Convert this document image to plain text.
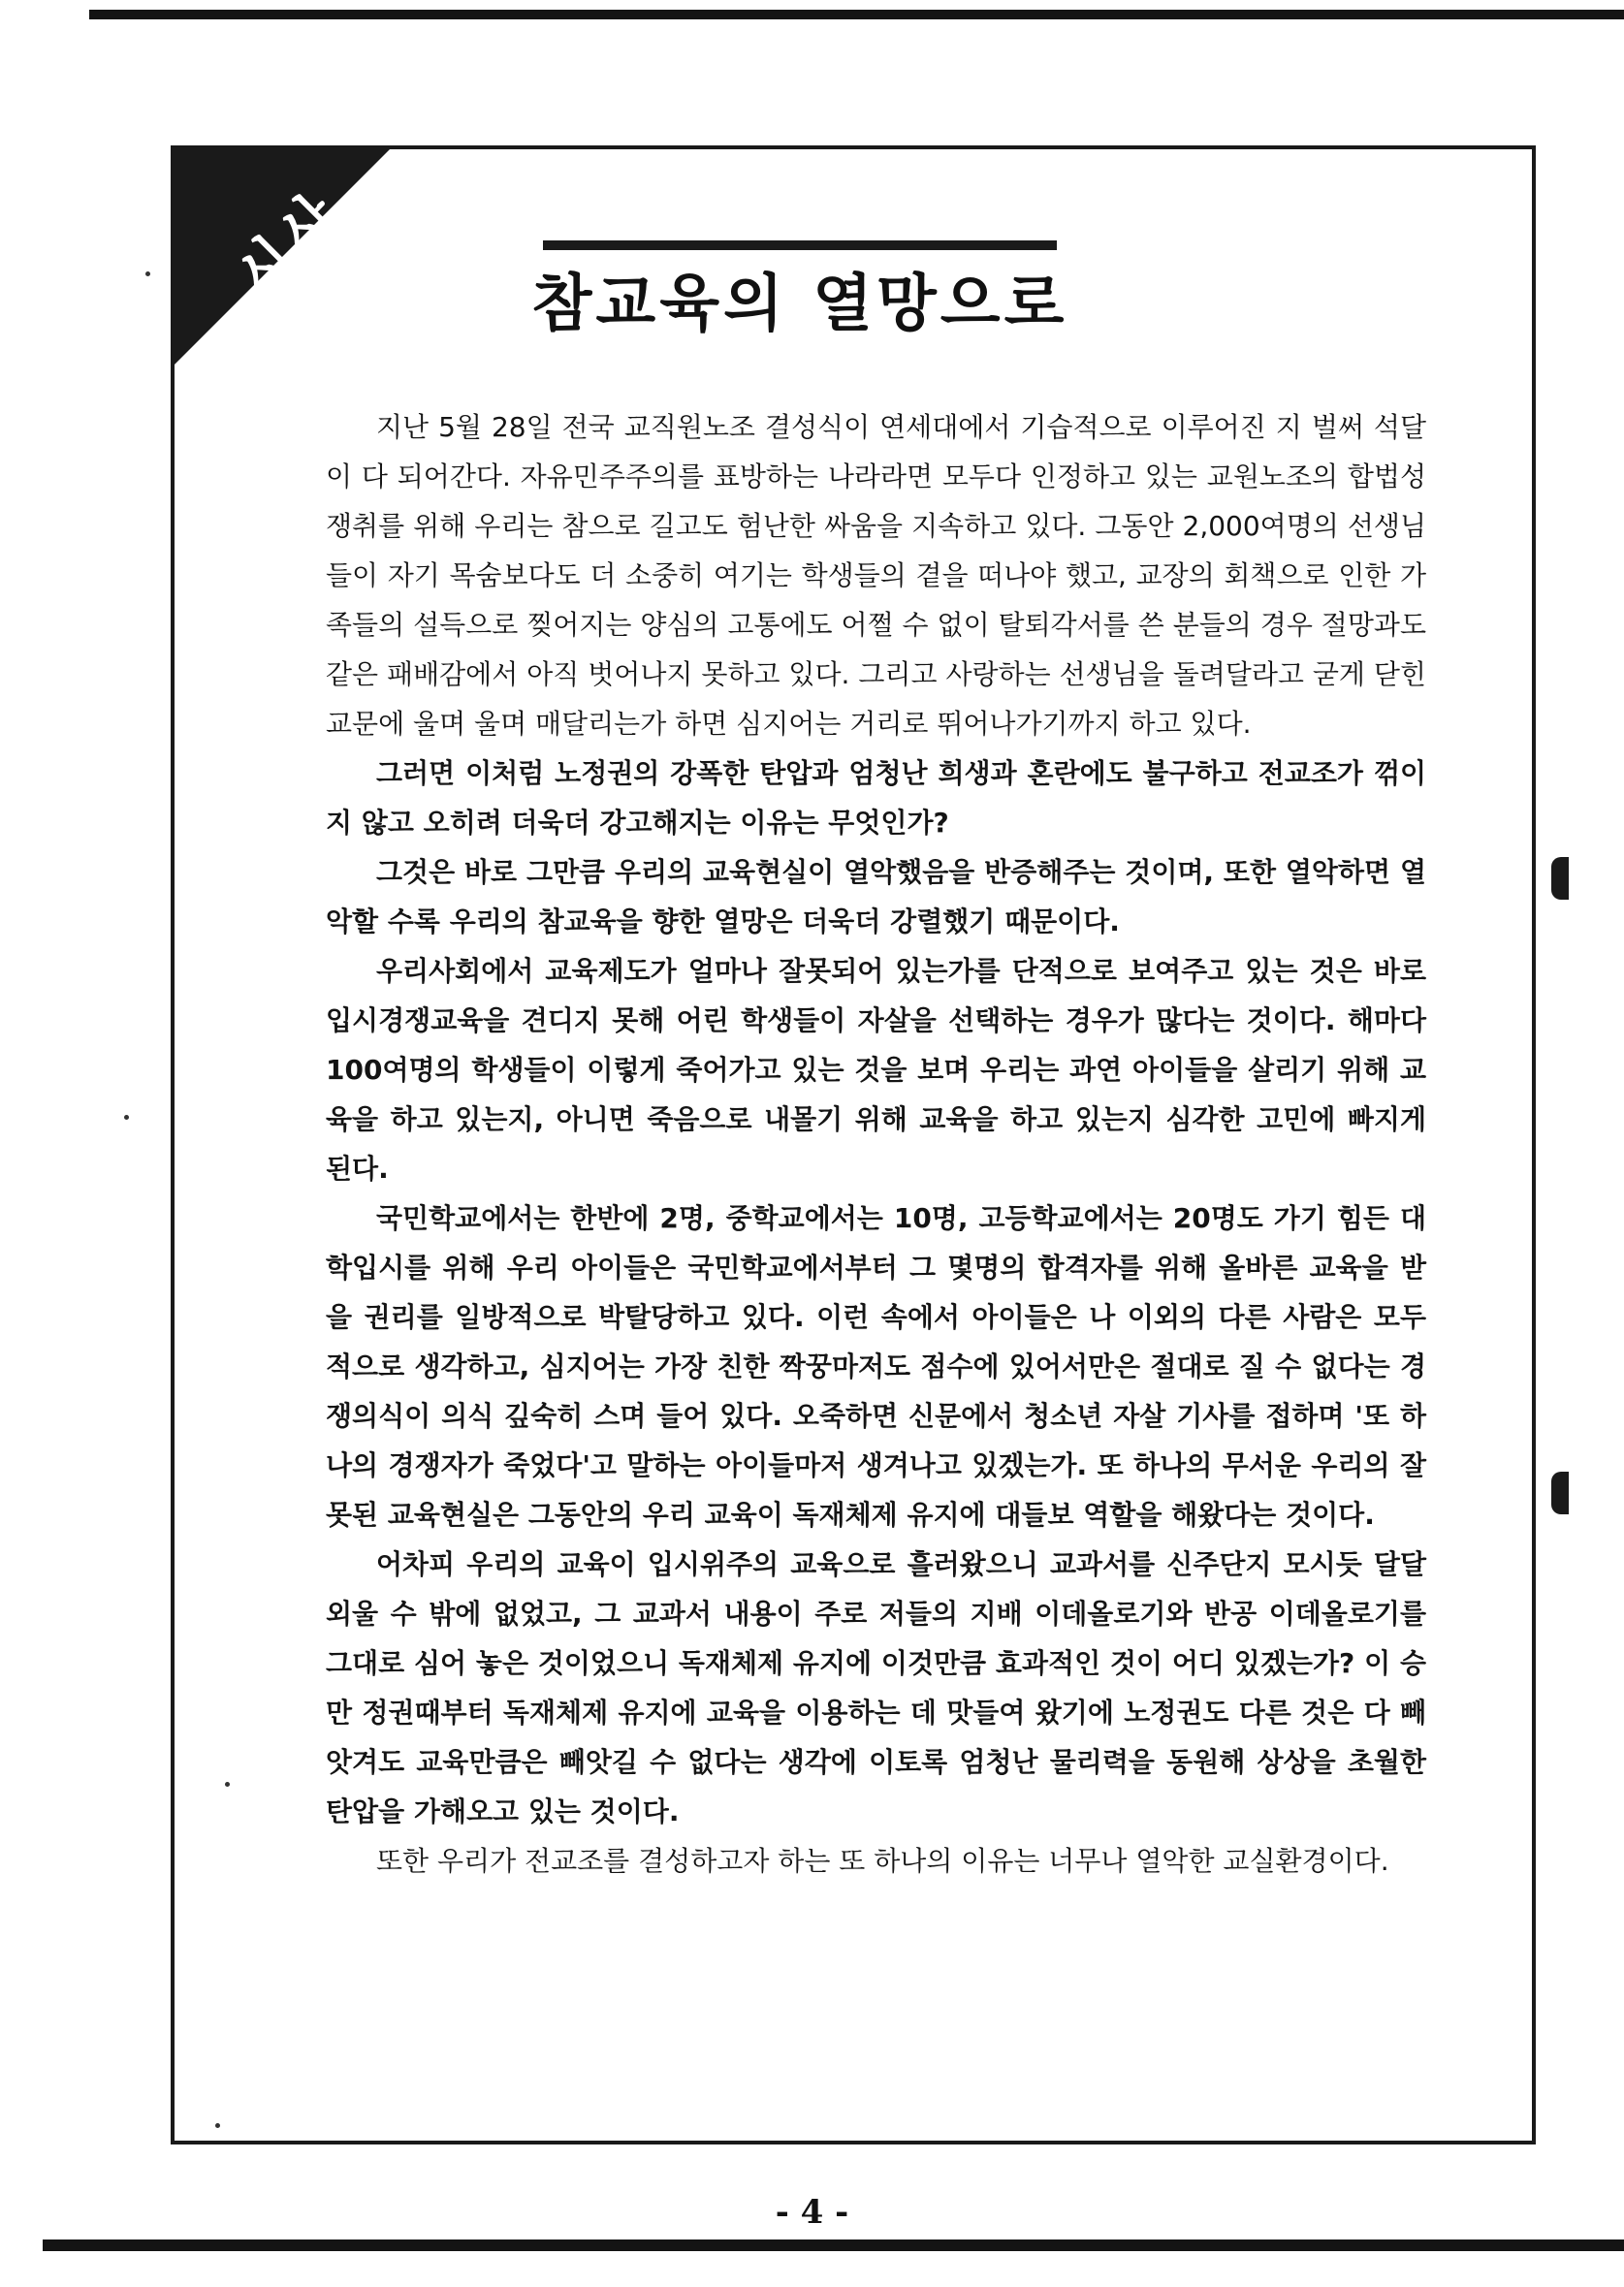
시사	참교육의 열망으로

지난 5월 28일 전국 교직원노조 결성식이 연세대에서 기습적으로 이루어진 지 벌써 석달이 다 되어간다. 자유민주주의를 표방하는 나라라면 모두다 인정하고 있는 교원노조의 합법성 쟁취를 위해 우리는 참으로 길고도 험난한 싸움을 지속하고 있다. 그동안 2,000여명의 선생님들이 자기 목숨보다도 더 소중히 여기는 학생들의 곁을 떠나야 했고, 교장의 회책으로 인한 가족들의 설득으로 찢어지는 양심의 고통에도 어쩔 수 없이 탈퇴각서를 쓴 분들의 경우 절망과도 같은 패배감에서 아직 벗어나지 못하고 있다. 그리고 사랑하는 선생님을 돌려달라고 굳게 닫힌 교문에 울며 울며 매달리는가 하면 심지어는 거리로 뛰어나가기까지 하고 있다.

그러면 이처럼 노정권의 강폭한 탄압과 엄청난 희생과 혼란에도 불구하고 전교조가 꺾이지 않고 오히려 더욱더 강고해지는 이유는 무엇인가?

그것은 바로 그만큼 우리의 교육현실이 열악했음을 반증해주는 것이며, 또한 열악하면 열악할 수록 우리의 참교육을 향한 열망은 더욱더 강렬했기 때문이다.

우리사회에서 교육제도가 얼마나 잘못되어 있는가를 단적으로 보여주고 있는 것은 바로 입시경쟁교육을 견디지 못해 어린 학생들이 자살을 선택하는 경우가 많다는 것이다. 해마다 100여명의 학생들이 이렇게 죽어가고 있는 것을 보며 우리는 과연 아이들을 살리기 위해 교육을 하고 있는지, 아니면 죽음으로 내몰기 위해 교육을 하고 있는지 심각한 고민에 빠지게 된다.

국민학교에서는 한반에 2명, 중학교에서는 10명, 고등학교에서는 20명도 가기 힘든 대학입시를 위해 우리 아이들은 국민학교에서부터 그 몇명의 합격자를 위해 올바른 교육을 받을 권리를 일방적으로 박탈당하고 있다. 이런 속에서 아이들은 나 이외의 다른 사람은 모두 적으로 생각하고, 심지어는 가장 친한 짝꿍마저도 점수에 있어서만은 절대로 질 수 없다는 경쟁의식이 의식 깊숙히 스며 들어 있다. 오죽하면 신문에서 청소년 자살 기사를 접하며 '또 하나의 경쟁자가 죽었다'고 말하는 아이들마저 생겨나고 있겠는가. 또 하나의 무서운 우리의 잘못된 교육현실은 그동안의 우리 교육이 독재체제 유지에 대들보 역할을 해왔다는 것이다.

어차피 우리의 교육이 입시위주의 교육으로 흘러왔으니 교과서를 신주단지 모시듯 달달 외울 수 밖에 없었고, 그 교과서 내용이 주로 저들의 지배 이데올로기와 반공 이데올로기를 그대로 심어 놓은 것이었으니 독재체제 유지에 이것만큼 효과적인 것이 어디 있겠는가? 이 승만 정권때부터 독재체제 유지에 교육을 이용하는 데 맛들여 왔기에 노정권도 다른 것은 다 빼앗겨도 교육만큼은 빼앗길 수 없다는 생각에 이토록 엄청난 물리력을 동원해 상상을 초월한 탄압을 가해오고 있는 것이다.

또한 우리가 전교조를 결성하고자 하는 또 하나의 이유는 너무나 열악한 교실환경이다.

- 4 -
